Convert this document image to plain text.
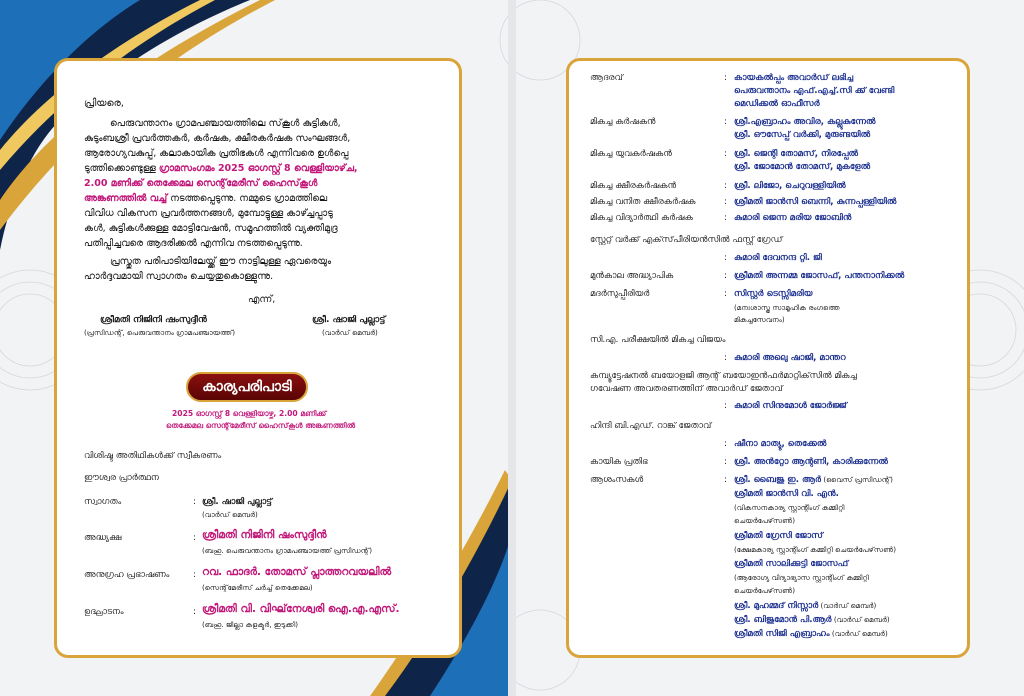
പ്രിയരെ,
പെരുവന്താനം ഗ്രാമപഞ്ചായത്തിലെ സ്‌കൂൾ കുട്ടികൾ,
കുടുംബശ്രീ പ്രവർത്തകർ, കർഷക, ക്ഷീരകർഷക സംഘങ്ങൾ,
ആരോഗ്യവകുപ്പ്, കലാകായിക പ്രതിഭകൾ എന്നിവരെ ഉൾപ്പെ
ടുത്തിക്കൊണ്ടുള്ള ഗ്രാമസംഗമം 2025 ഓഗസ്റ്റ് 8 വെള്ളിയാഴ്‌ച,
2.00 മണിക്ക് തെക്കേമല സെന്റ്‌മേരീസ് ഹൈസ്‌കൂൾ
അങ്കണത്തിൽ വച്ച് നടത്തപ്പെടുന്നു. നമ്മുടെ ഗ്രാമത്തിലെ
വിവിധ വികസന പ്രവർത്തനങ്ങൾ, മുമ്പോട്ടുള്ള കാഴ്ച്ചപ്പാടു
കൾ, കുട്ടികൾക്കുള്ള മോട്ടിവേഷൻ, സമൂഹത്തിൽ വ്യക്തിമുദ്ര
പതിപ്പിച്ചവരെ ആദരിക്കൽ എന്നിവ നടത്തപ്പെടുന്നു.
പ്രസ്തുത പരിപാടിയിലേയ്ക്ക് ഈ നാട്ടിലുള്ള ഏവരെയും
ഹാർദ്ദവമായി സ്വാഗതം ചെയ്യതുകൊള്ളുന്നു.
എന്ന്,
ശ്രീമതി നിജിനി ഷംസുദ്ദീൻ
(പ്രസിഡന്റ്, പെരുവന്താനം ഗ്രാമപഞ്ചായത്ത്)
ശ്രീ. ഷാജി പുല്ലാട്ട്
(വാർഡ് മെമ്പർ)
കാര്യപരിപാടി
2025 ഓഗസ്റ്റ് 8 വെള്ളിയാഴ്ച, 2.00 മണിക്ക്
തെക്കേമല സെന്റ്‌മേരീസ് ഹൈസ്‌കൂൾ അങ്കണത്തിൽ
വിശിഷ്ട അതിഥികൾക്ക് സ്വീകരണം
ഈശ്വര പ്രാർത്ഥന
സ്വാഗതം	: ശ്രീ. ഷാജി പുല്ലാട്ട്
(വാർഡ് മെമ്പർ)
അദ്ധ്യക്ഷ	: ശ്രീമതി നിജിനി ഷംസുദ്ദീൻ
(ബഹു. പെരുവന്താനം ഗ്രാമപഞ്ചായത്ത് പ്രസിഡന്റ്)
അനുഗ്രഹ പ്രഭാഷണം	: റവ. ഫാദർ. തോമസ് പ്ലാത്തറവയലിൽ
(സെന്റ്‌മേരീസ് ചർച്ച് തെക്കേമല)
ഉദ്ഘാടനം	: ശ്രീമതി വി. വിഘ്‌നേശ്വരി ഐ.എ.എസ്.
(ബഹു. ജില്ലാ കളക്ടർ, ഇടുക്കി)
ആദരവ്	: കായകൽപ്പം അവാർഡ് ലഭിച്ച
പെരുവന്താനം എഫ്.എച്ച്.സി ക്ക് വേണ്ടി
മെഡിക്കൽ ഓഫീസർ
മികച്ച കർഷകൻ	: ശ്രീ.എബ്രാഹം അവിര, കല്ലുകുന്നേൽ
ശ്രീ. ഔസേപ്പ് വർക്കി, മുരുണ്ടയിൽ
മികച്ച യുവകർഷകൻ	: ശ്രീ. ജെന്റി തോമസ്, നിരപ്പേൽ
ശ്രീ. ജോമോൻ തോമസ്, മുകളേൽ
മികച്ച ക്ഷീരകർഷകൻ	: ശ്രീ. ലിജോ, ചെറുവള്ളിയിൽ
മികച്ച വനിത ക്ഷീരകർഷക	: ശ്രീമതി ജാൻസി ബെന്നി, കുന്നപ്പള്ളിയിൽ
മികച്ച വിദ്യാർത്ഥി കർഷക	: കുമാരി ജെന്ന മരിയ ജോബിൻ
സ്റ്റേറ്റ് വർക്ക് എക്‌സ്‌പീരിയൻസിൽ ഫസ്റ്റ് ഗ്രേഡ്
: കുമാരി ദേവനന്ദ റ്റി. ജി
മുൻകാല അദ്ധ്യാപിക	: ശ്രീമതി അന്നമ്മ ജോസഫ്, പന്തനാനിക്കൽ
മദർസുപ്പീരിയർ	: സിസ്റ്റർ ടെസ്സിമരിയ
(മനഃശാസ്ത്ര സാമൂഹിക രംഗത്തെ
മികച്ചസേവനം)
സി.എ. പരീക്ഷയിൽ മികച്ച വിജയം
: കുമാരി അലെു ഷാജി, മാന്തറ
കമ്പ്യൂട്ടേഷനൽ ബയോളജി ആന്റ് ബയോഇൻഫർമാറ്റിക്‌സിൽ മികച്ച
ഗവേഷണ അവതരണത്തിന് അവാർഡ് ജേതാവ്
: കുമാരി സിനുമോൾ ജോർജ്ജ്
ഹിന്ദി ബി.എഡ്. റാങ്ക് ജേതാവ്
: ഷീനാ മാത്യു, തെക്കേൽ
കായിക പ്രതിഭ	: ശ്രീ. അൻറ്റോ ആന്റണി, കാരിക്കുന്നേൽ
ആശംസകൾ	: ശ്രീ. ബൈജു ഇ. ആർ (വൈസ് പ്രസിഡന്റ്)
ശ്രീമതി ജാൻസി വി. എൻ.
(വികസനകാര്യ സ്റ്റാന്റിംഗ് കമ്മിറ്റി
ചെയർപേഴ്‌സൺ)
ശ്രീമതി ഗ്രേസി ജോസ്
(ക്ഷേമകാര്യ സ്റ്റാന്റിംഗ് കമ്മിറ്റി ചെയർപേഴ്‌സൺ)
ശ്രീമതി സാലിക്കുട്ടി ജോസഫ്
(ആരോഗ്യ വിദ്യാഭ്യാസ സ്റ്റാന്റിംഗ് കമ്മിറ്റി
ചെയർപേഴ്‌സൺ)
ശ്രീ. മുഹമ്മദ് നിസ്സാർ (വാർഡ് മെമ്പർ)
ശ്രീ. ബിജുമോൻ പി.ആർ (വാർഡ് മെമ്പർ)
ശ്രീമതി സിജി എബ്രാഹം (വാർഡ് മെമ്പർ)
